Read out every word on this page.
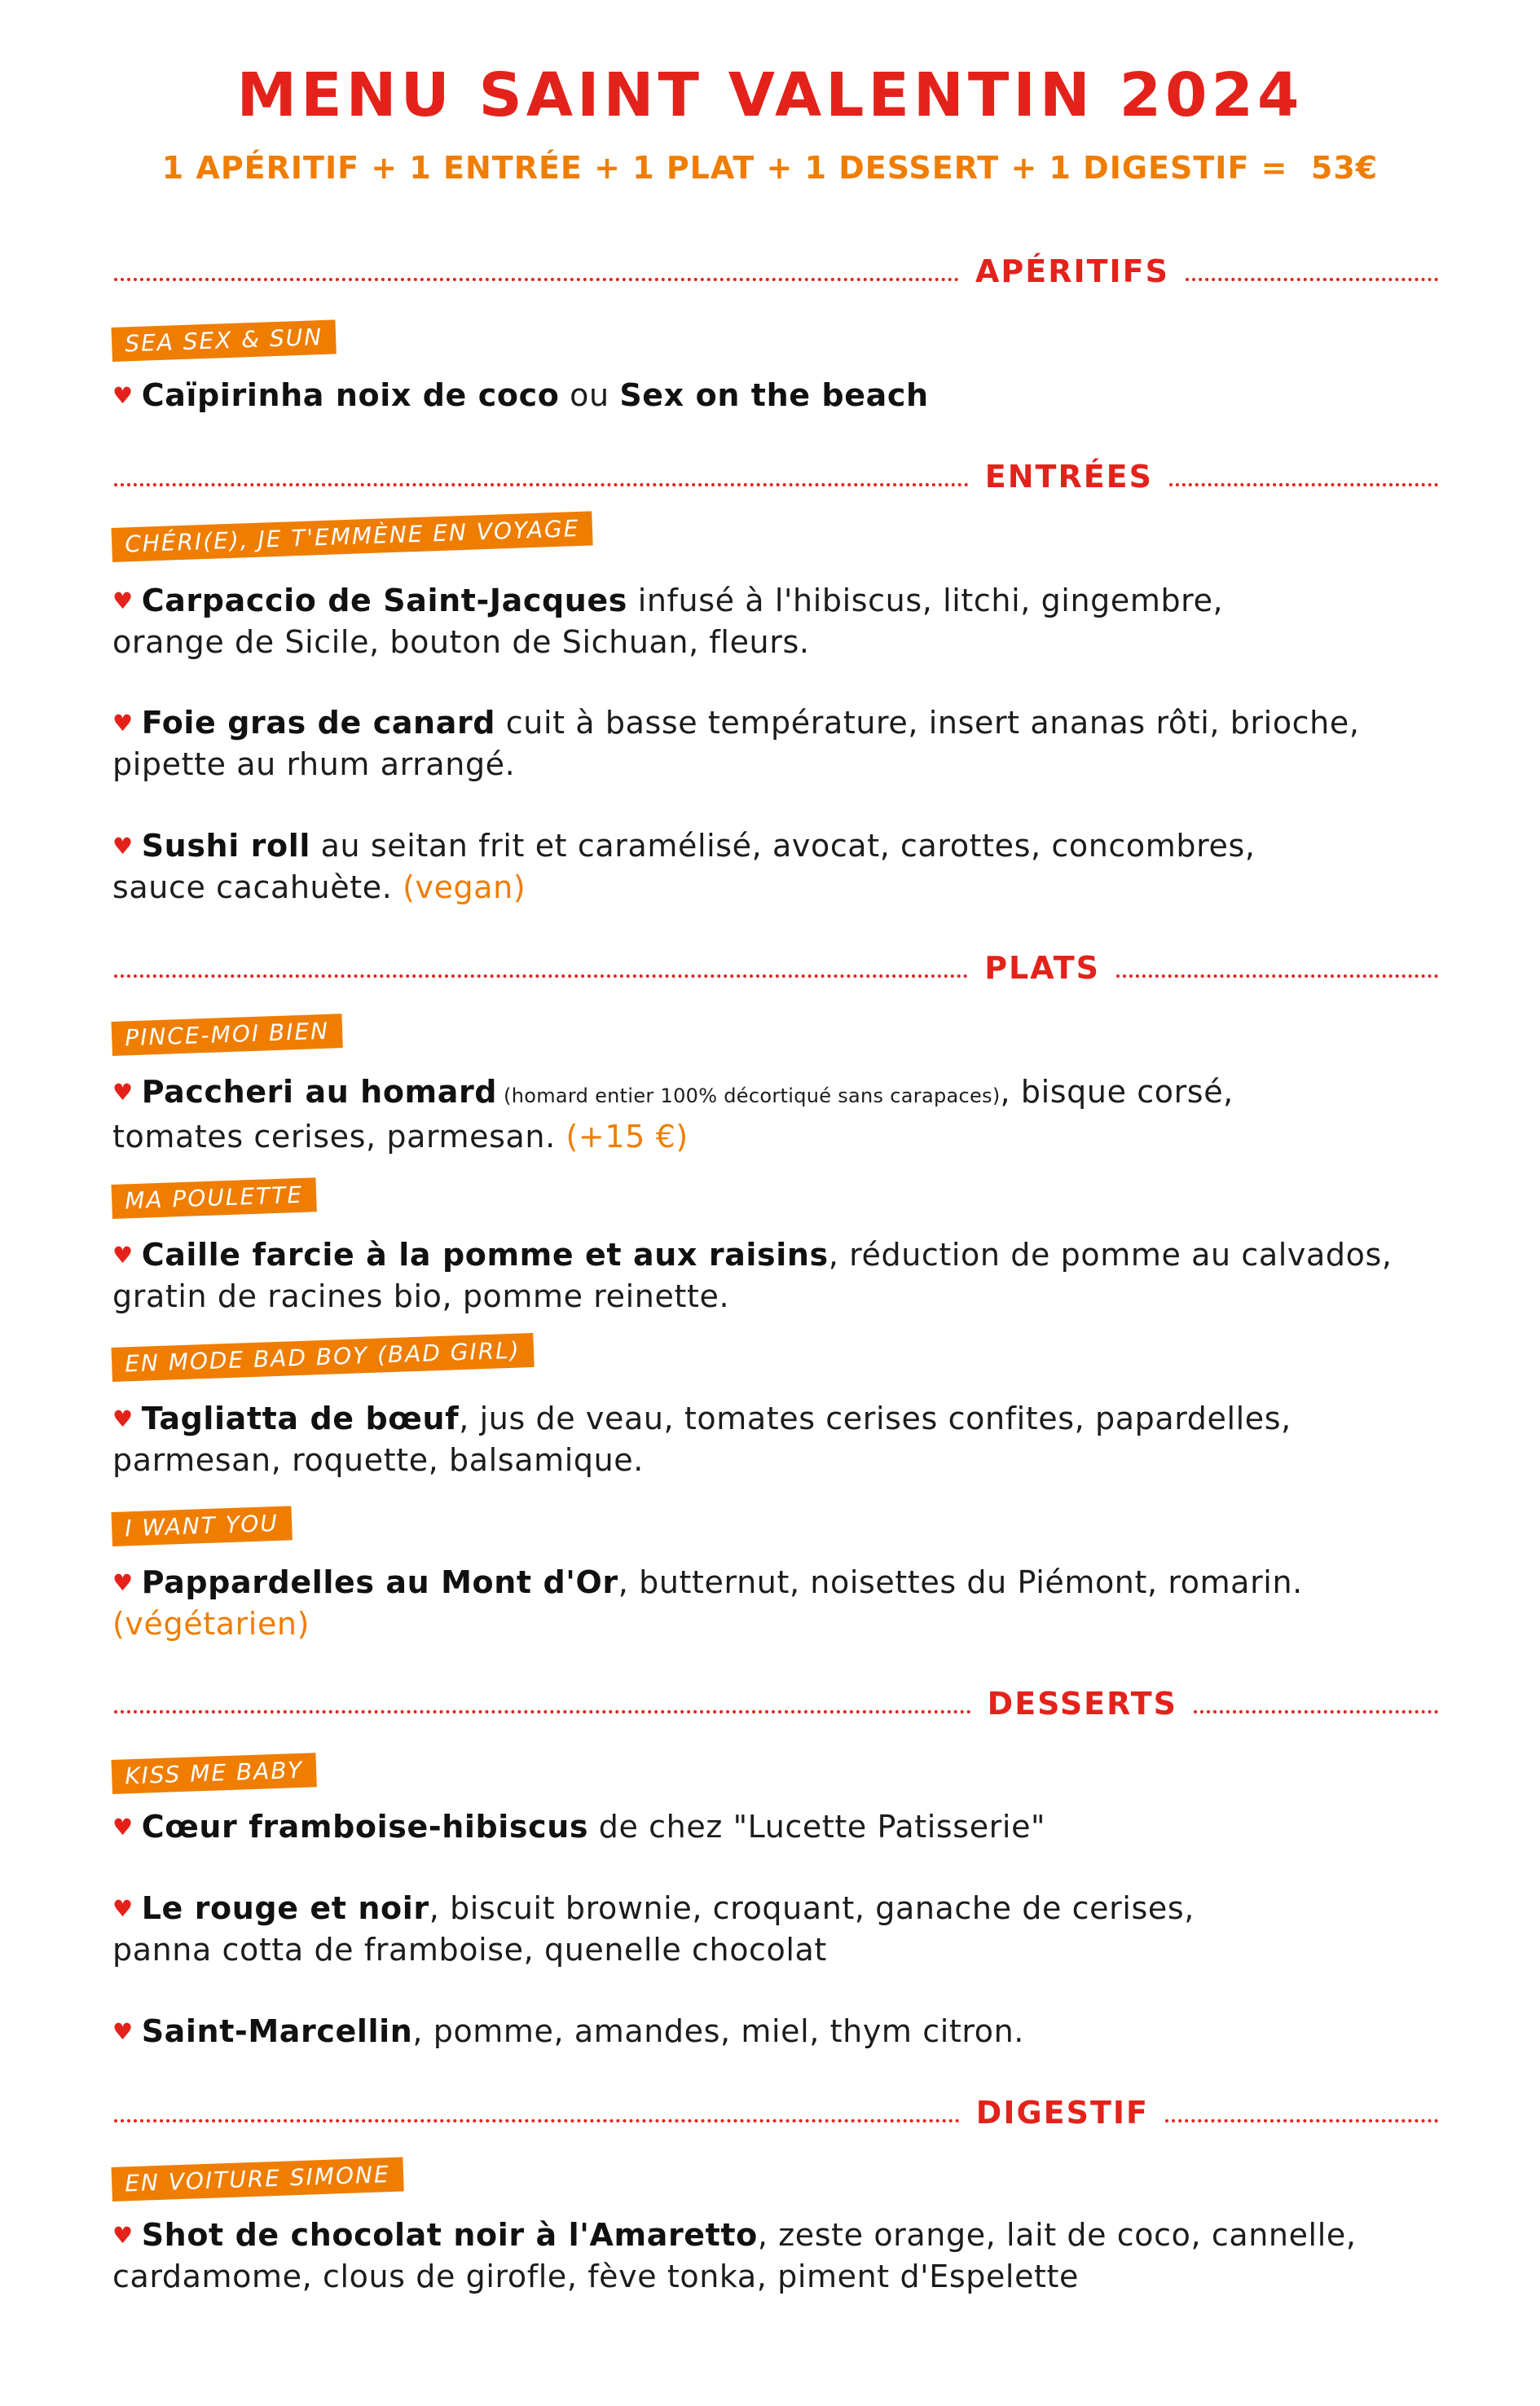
MENU SAINT VALENTIN 2024
1 APÉRITIF + 1 ENTRÉE + 1 PLAT + 1 DESSERT + 1 DIGESTIF =  53€
APÉRITIFS
SEA SEX & SUN
♥ Caïpirinha noix de coco ou Sex on the beach
ENTRÉES
CHÉRI(E), JE T'EMMÈNE EN VOYAGE
♥ Carpaccio de Saint-Jacques infusé à l'hibiscus, litchi, gingembre,
orange de Sicile, bouton de Sichuan, fleurs.
♥ Foie gras de canard cuit à basse température, insert ananas rôti, brioche,
pipette au rhum arrangé.
♥ Sushi roll au seitan frit et caramélisé, avocat, carottes, concombres,
sauce cacahuète. (vegan)
PLATS
PINCE-MOI BIEN
♥ Paccheri au homard (homard entier 100% décortiqué sans carapaces), bisque corsé,
tomates cerises, parmesan. (+15 €)
MA POULETTE
♥ Caille farcie à la pomme et aux raisins, réduction de pomme au calvados,
gratin de racines bio, pomme reinette.
EN MODE BAD BOY (BAD GIRL)
♥ Tagliatta de bœuf, jus de veau, tomates cerises confites, papardelles,
parmesan, roquette, balsamique.
I WANT YOU
♥ Pappardelles au Mont d'Or, butternut, noisettes du Piémont, romarin.
(végétarien)
DESSERTS
KISS ME BABY
♥ Cœur framboise-hibiscus de chez "Lucette Patisserie"
♥ Le rouge et noir, biscuit brownie, croquant, ganache de cerises,
panna cotta de framboise, quenelle chocolat
♥ Saint-Marcellin, pomme, amandes, miel, thym citron.
DIGESTIF
EN VOITURE SIMONE
♥ Shot de chocolat noir à l'Amaretto, zeste orange, lait de coco, cannelle,
cardamome, clous de girofle, fève tonka, piment d'Espelette
